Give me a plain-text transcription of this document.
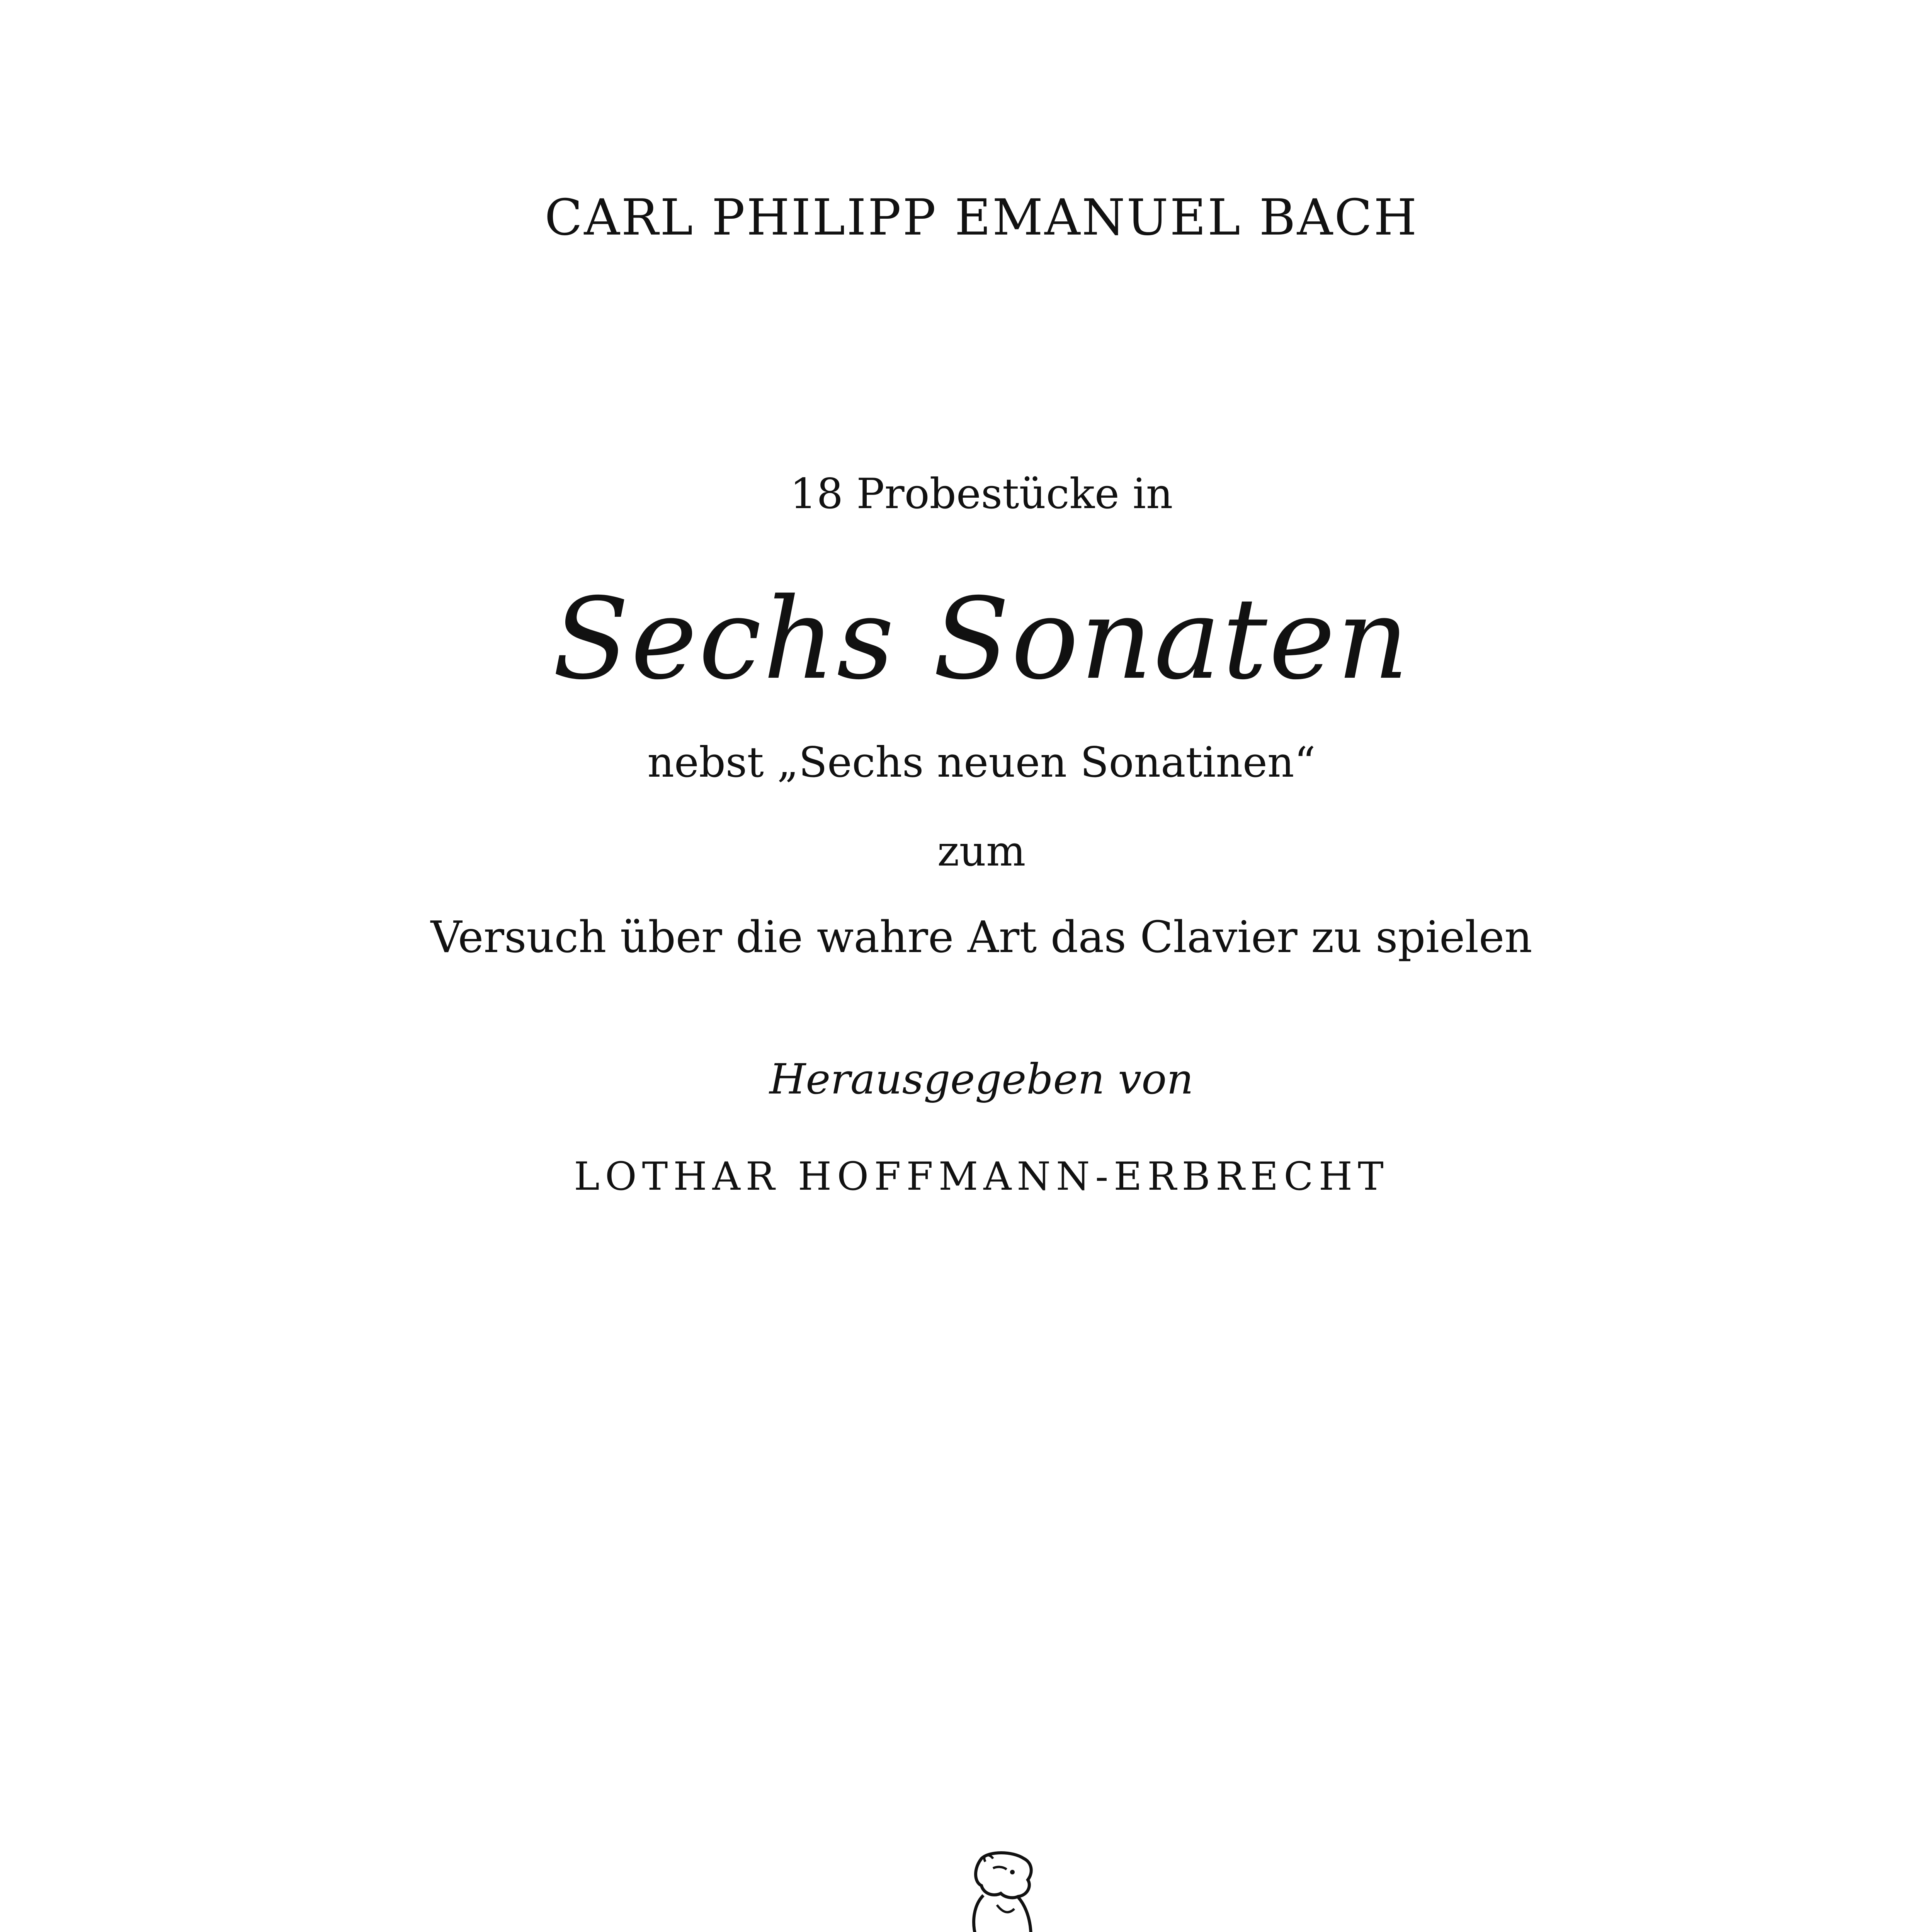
CARL PHILIPP EMANUEL BACH
18 Probestücke in
Sechs Sonaten
nebst „Sechs neuen Sonatinen“
zum
Versuch über die wahre Art das Clavier zu spielen
Herausgegeben von
LOTHAR HOFFMANN-ERBRECHT
